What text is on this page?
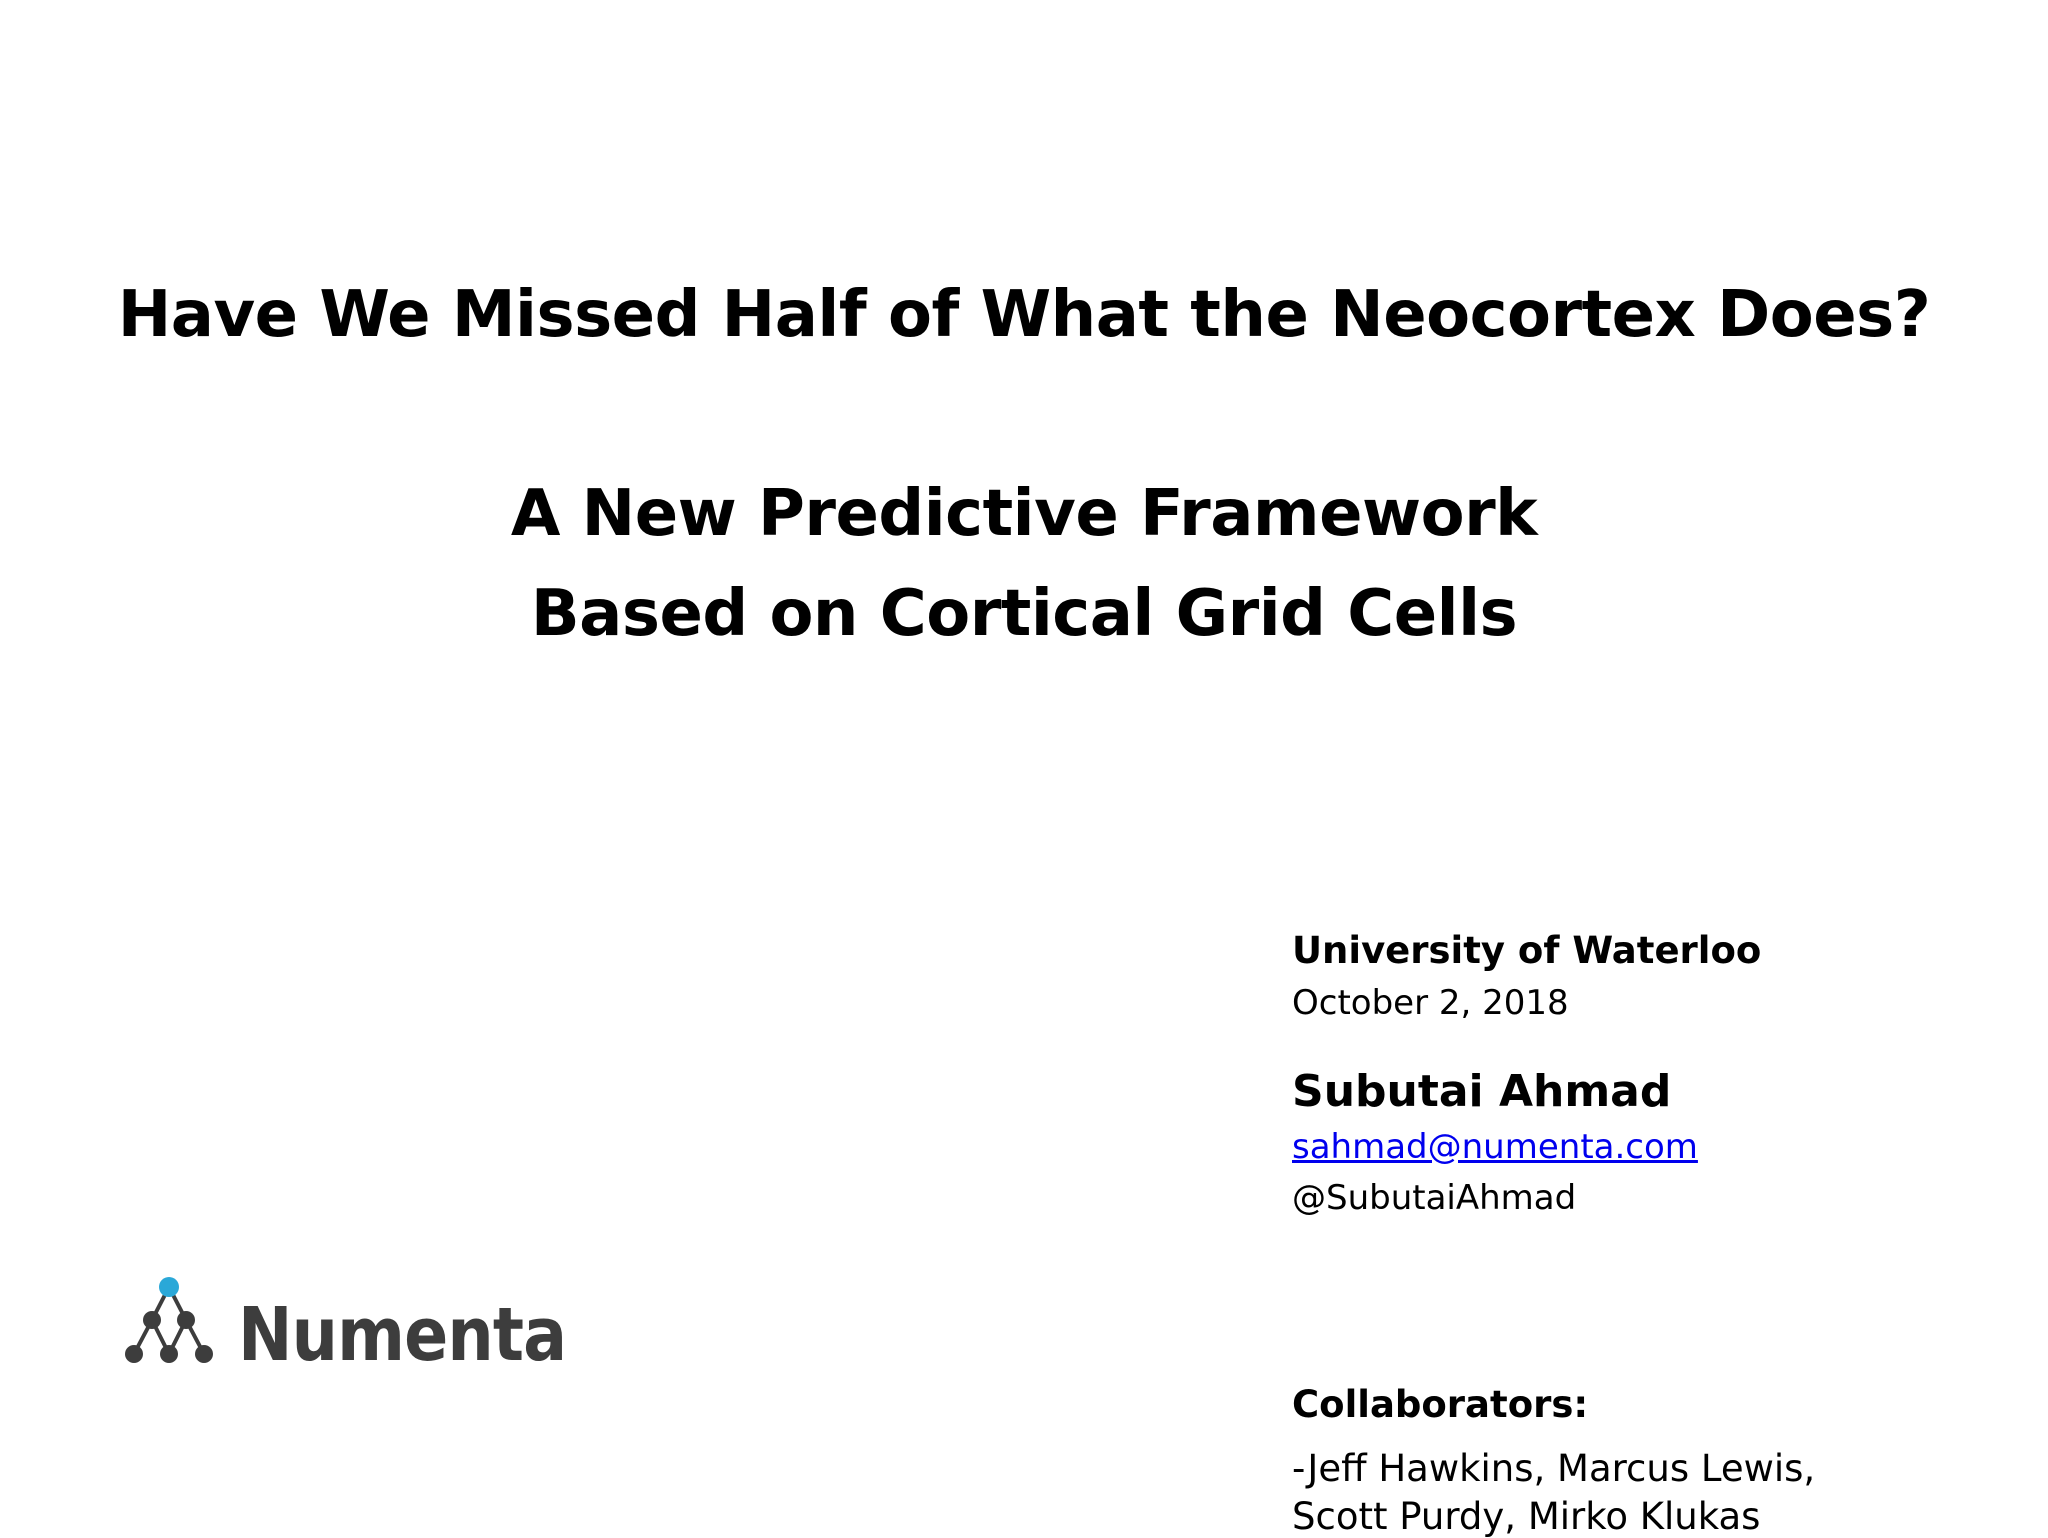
Have We Missed Half of What the Neocortex Does?
A New Predictive Framework
Based on Cortical Grid Cells
University of Waterloo
October 2, 2018
Subutai Ahmad
sahmad@numenta.com
@SubutaiAhmad
Collaborators:
-Jeff Hawkins, Marcus Lewis,
Scott Purdy, Mirko Klukas
Numenta
